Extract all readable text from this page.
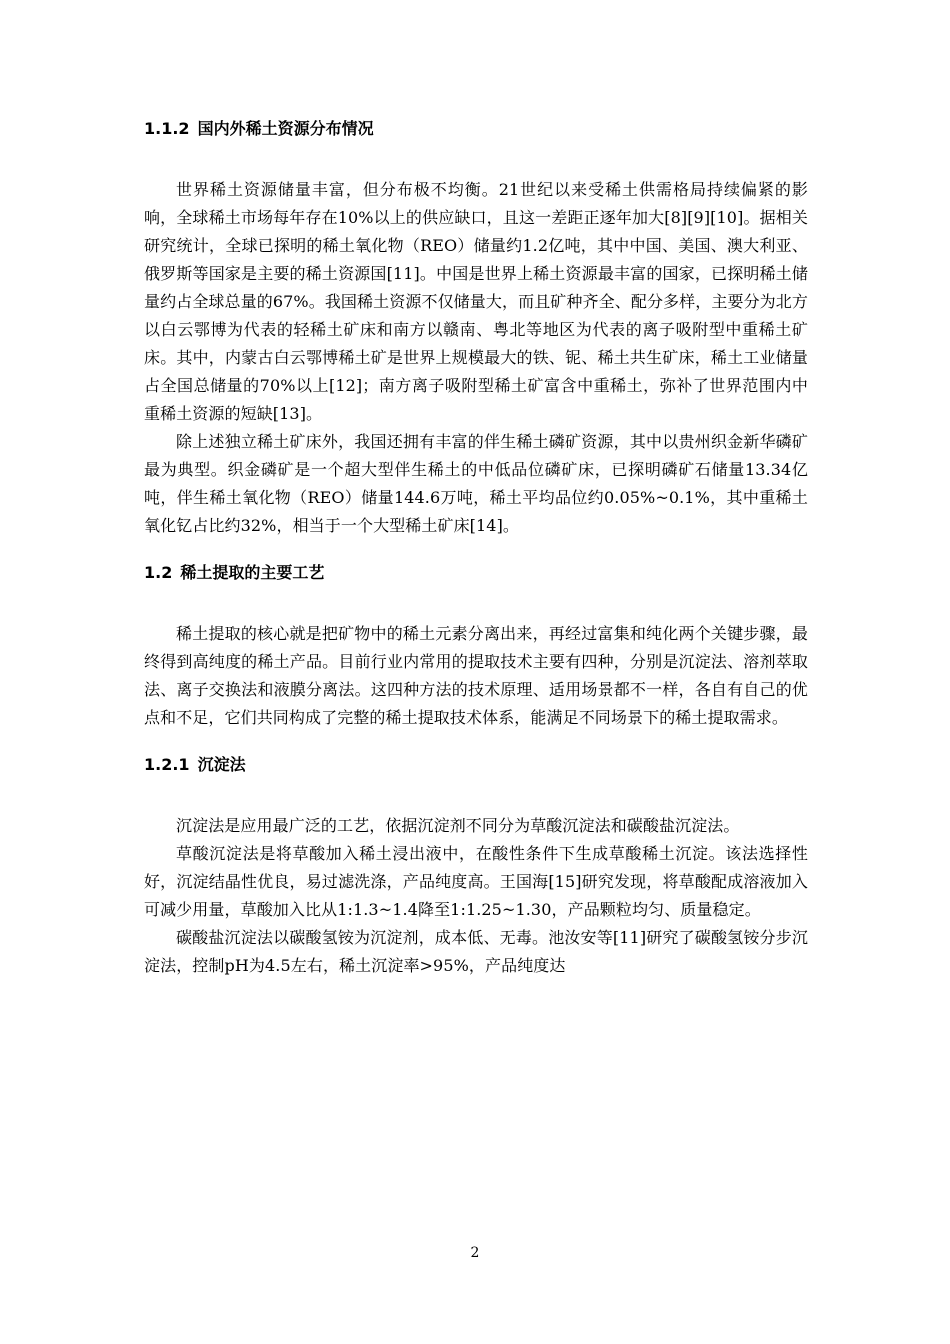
1.1.2 国内外稀土资源分布情况

世界稀土资源储量丰富，但分布极不均衡。21世纪以来受稀土供需格局持续偏紧的影响，全球稀土市场每年存在10%以上的供应缺口，且这一差距正逐年加大[8][9][10]。据相关研究统计，全球已探明的稀土氧化物（REO）储量约1.2亿吨，其中中国、美国、澳大利亚、俄罗斯等国家是主要的稀土资源国[11]。中国是世界上稀土资源最丰富的国家，已探明稀土储量约占全球总量的67%。我国稀土资源不仅储量大，而且矿种齐全、配分多样，主要分为北方以白云鄂博为代表的轻稀土矿床和南方以赣南、粤北等地区为代表的离子吸附型中重稀土矿床。其中，内蒙古白云鄂博稀土矿是世界上规模最大的铁、铌、稀土共生矿床，稀土工业储量占全国总储量的70%以上[12]；南方离子吸附型稀土矿富含中重稀土，弥补了世界范围内中重稀土资源的短缺[13]。

除上述独立稀土矿床外，我国还拥有丰富的伴生稀土磷矿资源，其中以贵州织金新华磷矿最为典型。织金磷矿是一个超大型伴生稀土的中低品位磷矿床，已探明磷矿石储量13.34亿吨，伴生稀土氧化物（REO）储量144.6万吨，稀土平均品位约0.05%~0.1%，其中重稀土氧化钇占比约32%，相当于一个大型稀土矿床[14]。

1.2 稀土提取的主要工艺

稀土提取的核心就是把矿物中的稀土元素分离出来，再经过富集和纯化两个关键步骤，最终得到高纯度的稀土产品。目前行业内常用的提取技术主要有四种，分别是沉淀法、溶剂萃取法、离子交换法和液膜分离法。这四种方法的技术原理、适用场景都不一样，各自有自己的优点和不足，它们共同构成了完整的稀土提取技术体系，能满足不同场景下的稀土提取需求。

1.2.1 沉淀法

沉淀法是应用最广泛的工艺，依据沉淀剂不同分为草酸沉淀法和碳酸盐沉淀法。

草酸沉淀法是将草酸加入稀土浸出液中，在酸性条件下生成草酸稀土沉淀。该法选择性好，沉淀结晶性优良，易过滤洗涤，产品纯度高。王国海[15]研究发现，将草酸配成溶液加入可减少用量，草酸加入比从1:1.3~1.4降至1:1.25~1.30，产品颗粒均匀、质量稳定。

碳酸盐沉淀法以碳酸氢铵为沉淀剂，成本低、无毒。池汝安等[11]研究了碳酸氢铵分步沉淀法，控制pH为4.5左右，稀土沉淀率>95%，产品纯度达

2
